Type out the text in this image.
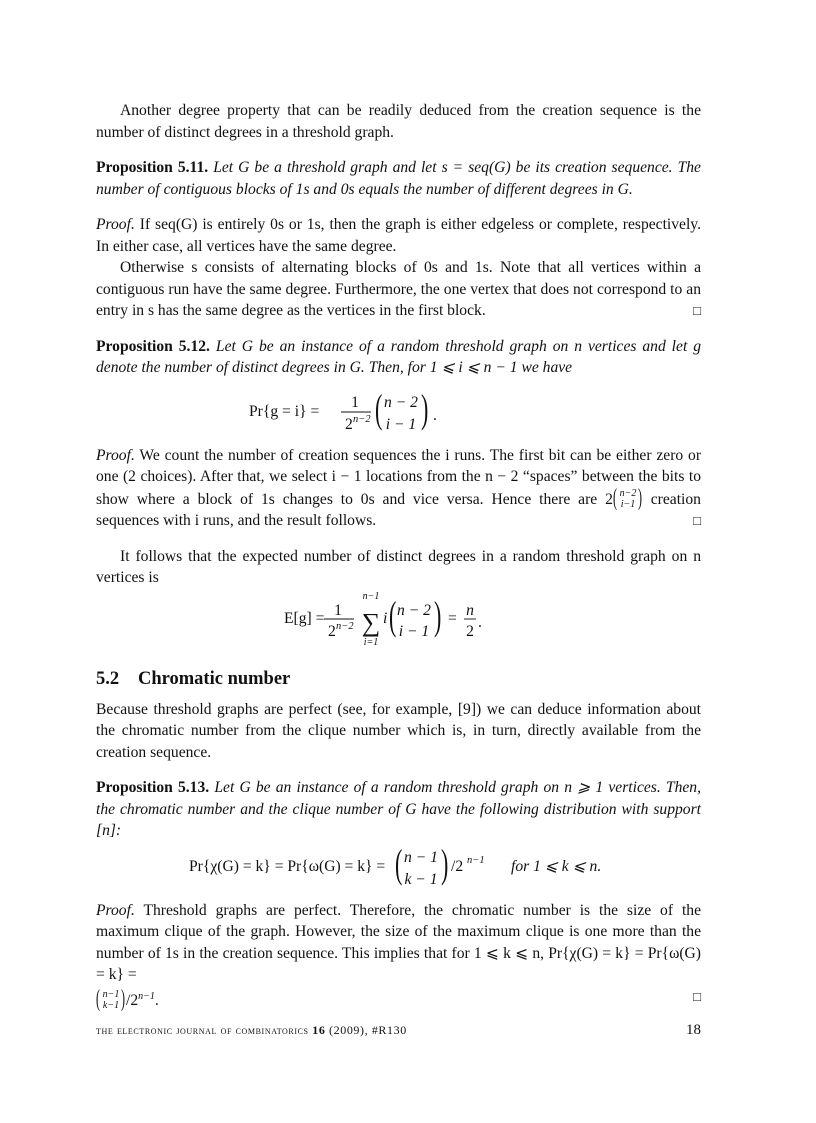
Another degree property that can be readily deduced from the creation sequence is the number of distinct degrees in a threshold graph.

Proposition 5.11. Let G be a threshold graph and let s = seq(G) be its creation sequence. The number of contiguous blocks of 1s and 0s equals the number of different degrees in G.

Proof. If seq(G) is entirely 0s or 1s, then the graph is either edgeless or complete, respectively. In either case, all vertices have the same degree.

Otherwise s consists of alternating blocks of 0s and 1s. Note that all vertices within a contiguous run have the same degree. Furthermore, the one vertex that does not correspond to an entry in s has the same degree as the vertices in the first block.	□

Proposition 5.12. Let G be an instance of a random threshold graph on n vertices and let g denote the number of distinct degrees in G. Then, for 1 ⩽ i ⩽ n − 1 we have

Pr{g = i} =
1
2 n−2 ( n − 2
i − 1 ) .

Proof. We count the number of creation sequences the i runs. The first bit can be either zero or one (2 choices). After that, we select i − 1 locations from the n − 2 “spaces” between the bits to show where a block of 1s changes to 0s and vice versa. Hence there are 2 ( n−2
i−1 ) creation sequences with i runs, and the result follows.	□

It follows that the expected number of distinct degrees in a random threshold graph on n vertices is

E[g] = 1
2 n−2
n−1
∑
i=1
i ( n − 2
i − 1 ) = n
2
.
5.2 Chromatic number

Because threshold graphs are perfect (see, for example, [9]) we can deduce information about the chromatic number from the clique number which is, in turn, directly available from the creation sequence.

Proposition 5.13. Let G be an instance of a random threshold graph on n ⩾ 1 vertices. Then, the chromatic number and the clique number of G have the following distribution with support [n]:

Pr{χ(G) = k} = Pr{ω(G) = k} = ( n − 1
k − 1 ) /2 n−1 for 1 ⩽ k ⩽ n.

Proof. Threshold graphs are perfect. Therefore, the chromatic number is the size of the maximum clique of the graph. However, the size of the maximum clique is one more than the number of 1s in the creation sequence. This implies that for 1 ⩽ k ⩽ n, Pr{χ(G) = k} = Pr{ω(G) = k} =

( n−1
k−1 ) $/2^{n-1}$.	□

the electronic journal of combinatorics 16 (2009), #R130	18
